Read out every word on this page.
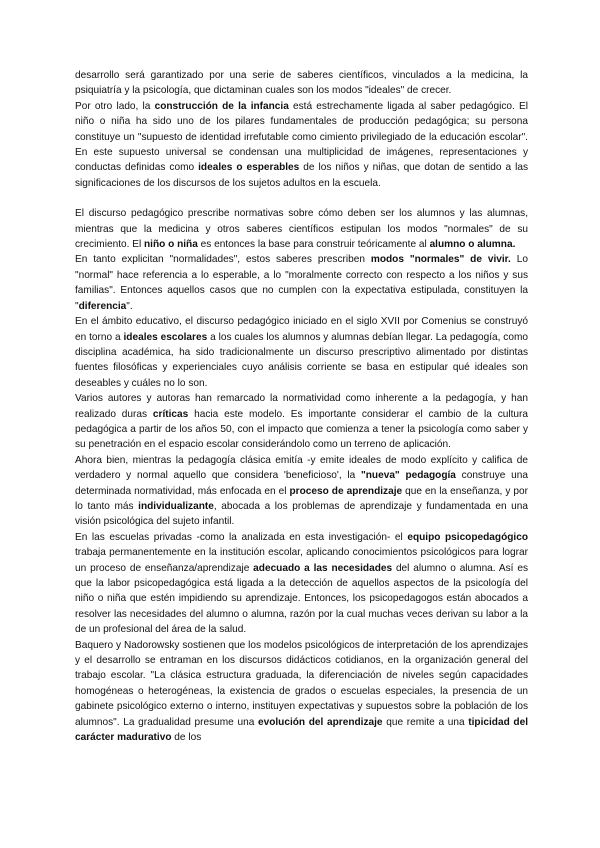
desarrollo será garantizado por una serie de saberes científicos, vinculados a la medicina, la psiquiatría y la psicología, que dictaminan cuales son los modos "ideales" de crecer.

Por otro lado, la construcción de la infancia está estrechamente ligada al saber pedagógico. El niño o niña ha sido uno de los pilares fundamentales de producción pedagógica; su persona constituye un "supuesto de identidad irrefutable como cimiento privilegiado de la educación escolar". En este supuesto universal se condensan una multiplicidad de imágenes, representaciones y conductas definidas como ideales o esperables de los niños y niñas, que dotan de sentido a las significaciones de los discursos de los sujetos adultos en la escuela.

El discurso pedagógico prescribe normativas sobre cómo deben ser los alumnos y las alumnas, mientras que la medicina y otros saberes científicos estipulan los modos "normales" de su crecimiento. El niño o niña es entonces la base para construir teóricamente al alumno o alumna.

En tanto explicitan "normalidades", estos saberes prescriben modos "normales" de vivir. Lo "normal" hace referencia a lo esperable, a lo "moralmente correcto con respecto a los niños y sus familias". Entonces aquellos casos que no cumplen con la expectativa estipulada, constituyen la "diferencia".

En el ámbito educativo, el discurso pedagógico iniciado en el siglo XVII por Comenius se construyó en torno a ideales escolares a los cuales los alumnos y alumnas debían llegar. La pedagogía, como disciplina académica, ha sido tradicionalmente un discurso prescriptivo alimentado por distintas fuentes filosóficas y experienciales cuyo análisis corriente se basa en estipular qué ideales son deseables y cuáles no lo son.

Varios autores y autoras han remarcado la normatividad como inherente a la pedagogía, y han realizado duras críticas hacia este modelo. Es importante considerar el cambio de la cultura pedagógica a partir de los años 50, con el impacto que comienza a tener la psicología como saber y su penetración en el espacio escolar considerándolo como un terreno de aplicación.

Ahora bien, mientras la pedagogía clásica emitía -y emite ideales de modo explícito y califica de verdadero y normal aquello que considera 'beneficioso', la "nueva" pedagogía construye una determinada normatividad, más enfocada en el proceso de aprendizaje que en la enseñanza, y por lo tanto más individualizante, abocada a los problemas de aprendizaje y fundamentada en una visión psicológica del sujeto infantil.

En las escuelas privadas -como la analizada en esta investigación- el equipo psicopedagógico trabaja permanentemente en la institución escolar, aplicando conocimientos psicológicos para lograr un proceso de enseñanza/aprendizaje adecuado a las necesidades del alumno o alumna. Así es que la labor psicopedagógica está ligada a la detección de aquellos aspectos de la psicología del niño o niña que estén impidiendo su aprendizaje. Entonces, los psicopedagogos están abocados a resolver las necesidades del alumno o alumna, razón por la cual muchas veces derivan su labor a la de un profesional del área de la salud.

Baquero y Nadorowsky sostienen que los modelos psicológicos de interpretación de los aprendizajes y el desarrollo se entraman en los discursos didácticos cotidianos, en la organización general del trabajo escolar. "La clásica estructura graduada, la diferenciación de niveles según capacidades homogéneas o heterogéneas, la existencia de grados o escuelas especiales, la presencia de un gabinete psicológico externo o interno, instituyen expectativas y supuestos sobre la población de los alumnos". La gradualidad presume una evolución del aprendizaje que remite a una tipicidad del carácter madurativo de los
